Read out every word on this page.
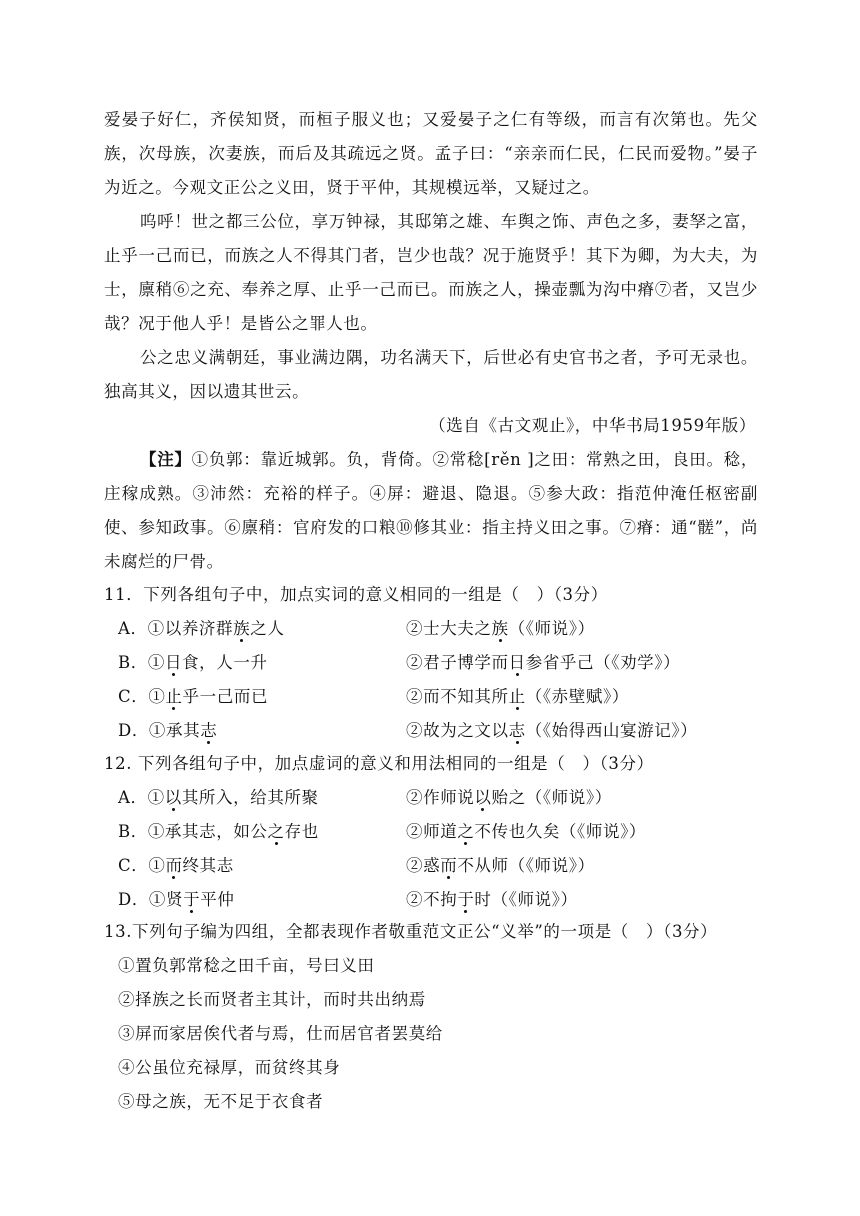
爱晏子好仁，齐侯知贤，而桓子服义也；又爱晏子之仁有等级，而言有次第也。先父族，次母族，次妻族，而后及其疏远之贤。孟子曰：“亲亲而仁民，仁民而爱物。”晏子为近之。今观文正公之义田，贤于平仲，其规模远举，又疑过之。

呜呼！世之都三公位，享万钟禄，其邸第之雄、车舆之饰、声色之多，妻孥之富，止乎一己而已，而族之人不得其门者，岂少也哉？况于施贤乎！其下为卿，为大夫，为士，廪稍⑥之充、奉养之厚、止乎一己而已。而族之人，操壶瓢为沟中瘠⑦者，又岂少哉？况于他人乎！是皆公之罪人也。

公之忠义满朝廷，事业满边隅，功名满天下，后世必有史官书之者，予可无录也。独高其义，因以遗其世云。

（选自《古文观止》，中华书局1959年版）

【注】①负郭：靠近城郭。负，背倚。②常稔[rěn ]之田：常熟之田，良田。稔，庄稼成熟。③沛然：充裕的样子。④屏：避退、隐退。⑤参大政：指范仲淹任枢密副使、参知政事。⑥廪稍：官府发的口粮⑩修其业：指主持义田之事。⑦瘠：通“髊”，尚未腐烂的尸骨。

11．下列各组句子中，加点实词的意义相同的一组是（　）（3分）
A．①以养济群族之人	②士大夫之族（《师说》）
B．①日食，人一升	②君子博学而日参省乎己（《劝学》）
C．①止乎一己而已	②而不知其所止（《赤壁赋》）
D．①承其志	②故为之文以志（《始得西山宴游记》）
12. 下列各组句子中，加点虚词的意义和用法相同的一组是（　）（3分）
A．①以其所入，给其所聚	②作师说以贻之（《师说》）
B．①承其志，如公之存也	②师道之不传也久矣（《师说》）
C．①而终其志	②惑而不从师（《师说》）
D．①贤于平仲	②不拘于时（《师说》）
13.下列句子编为四组，全都表现作者敬重范文正公“义举”的一项是（　）（3分）
①置负郭常稔之田千亩，号曰义田
②择族之长而贤者主其计，而时共出纳焉
③屏而家居俟代者与焉，仕而居官者罢莫给
④公虽位充禄厚，而贫终其身
⑤母之族，无不足于衣食者
